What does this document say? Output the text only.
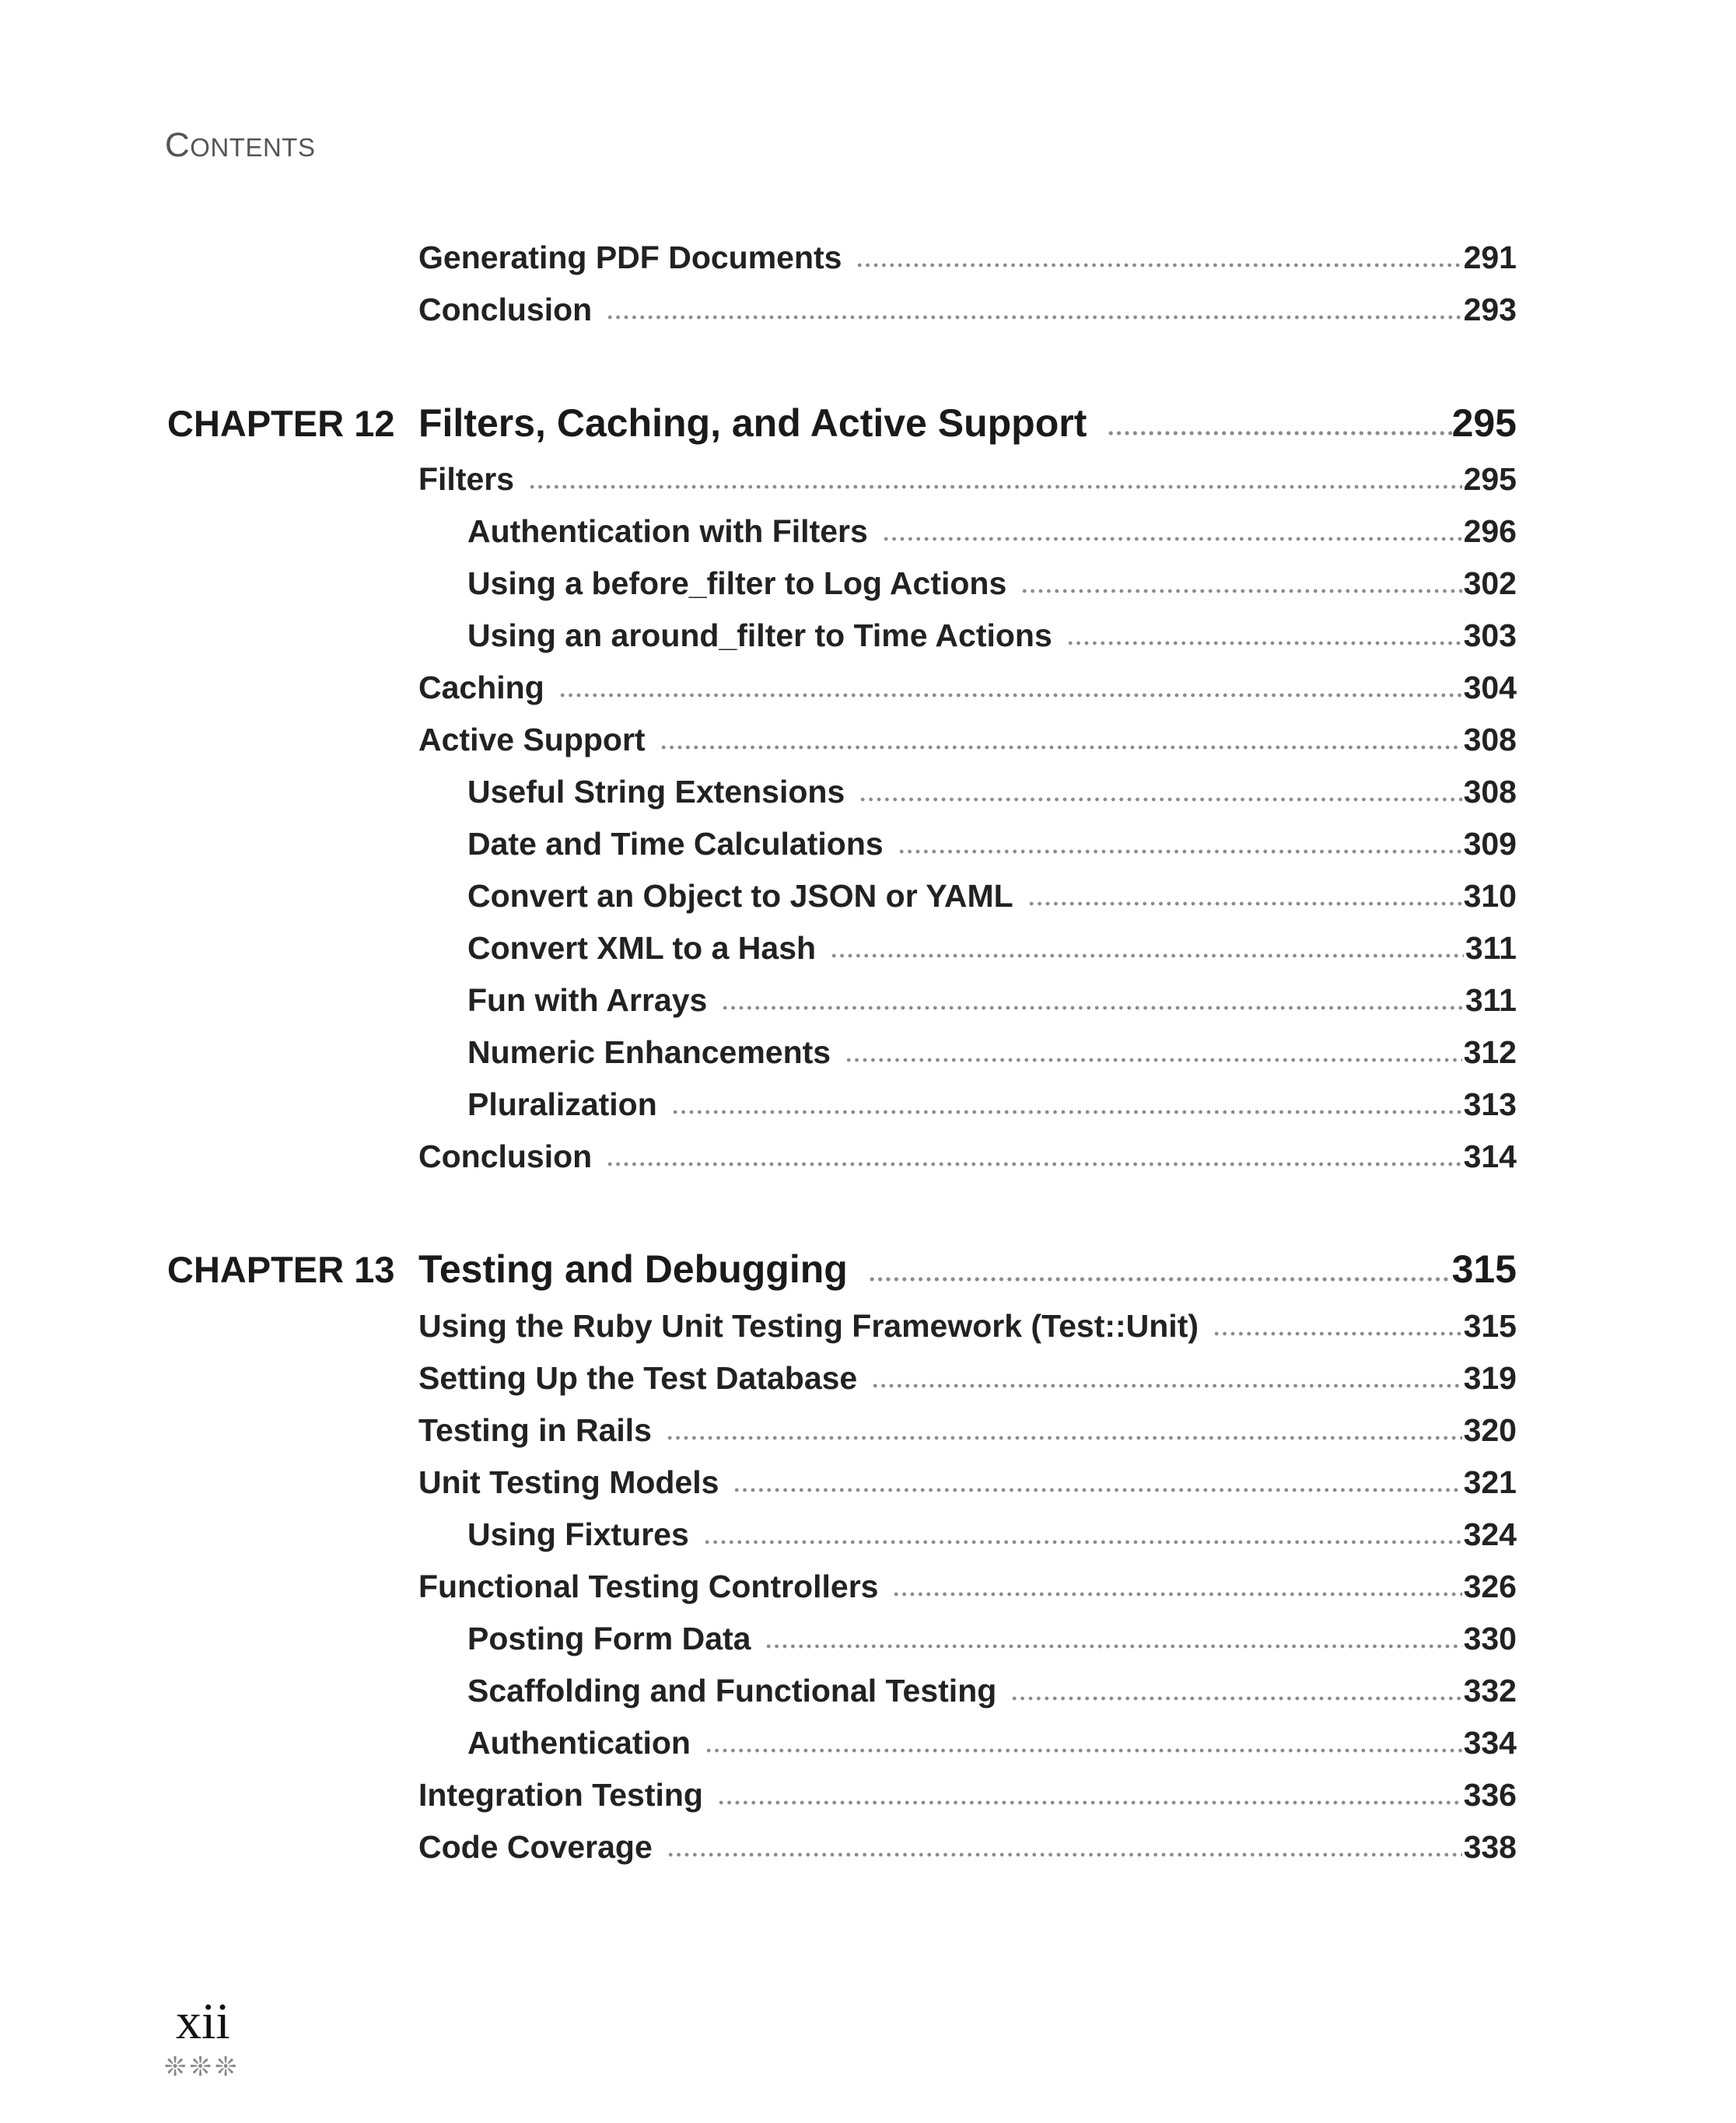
CONTENTS
Generating PDF Documents	291
Conclusion	293
CHAPTER 12 Filters, Caching, and Active Support	295
Filters	295
Authentication with Filters	296
Using a before_filter to Log Actions	302
Using an around_filter to Time Actions	303
Caching	304
Active Support	308
Useful String Extensions	308
Date and Time Calculations	309
Convert an Object to JSON or YAML	310
Convert XML to a Hash	311
Fun with Arrays	311
Numeric Enhancements	312
Pluralization	313
Conclusion	314
CHAPTER 13 Testing and Debugging	315
Using the Ruby Unit Testing Framework (Test::Unit)	315
Setting Up the Test Database	319
Testing in Rails	320
Unit Testing Models	321
Using Fixtures	324
Functional Testing Controllers	326
Posting Form Data	330
Scaffolding and Functional Testing	332
Authentication	334
Integration Testing	336
Code Coverage	338
xii
❊❊❊
